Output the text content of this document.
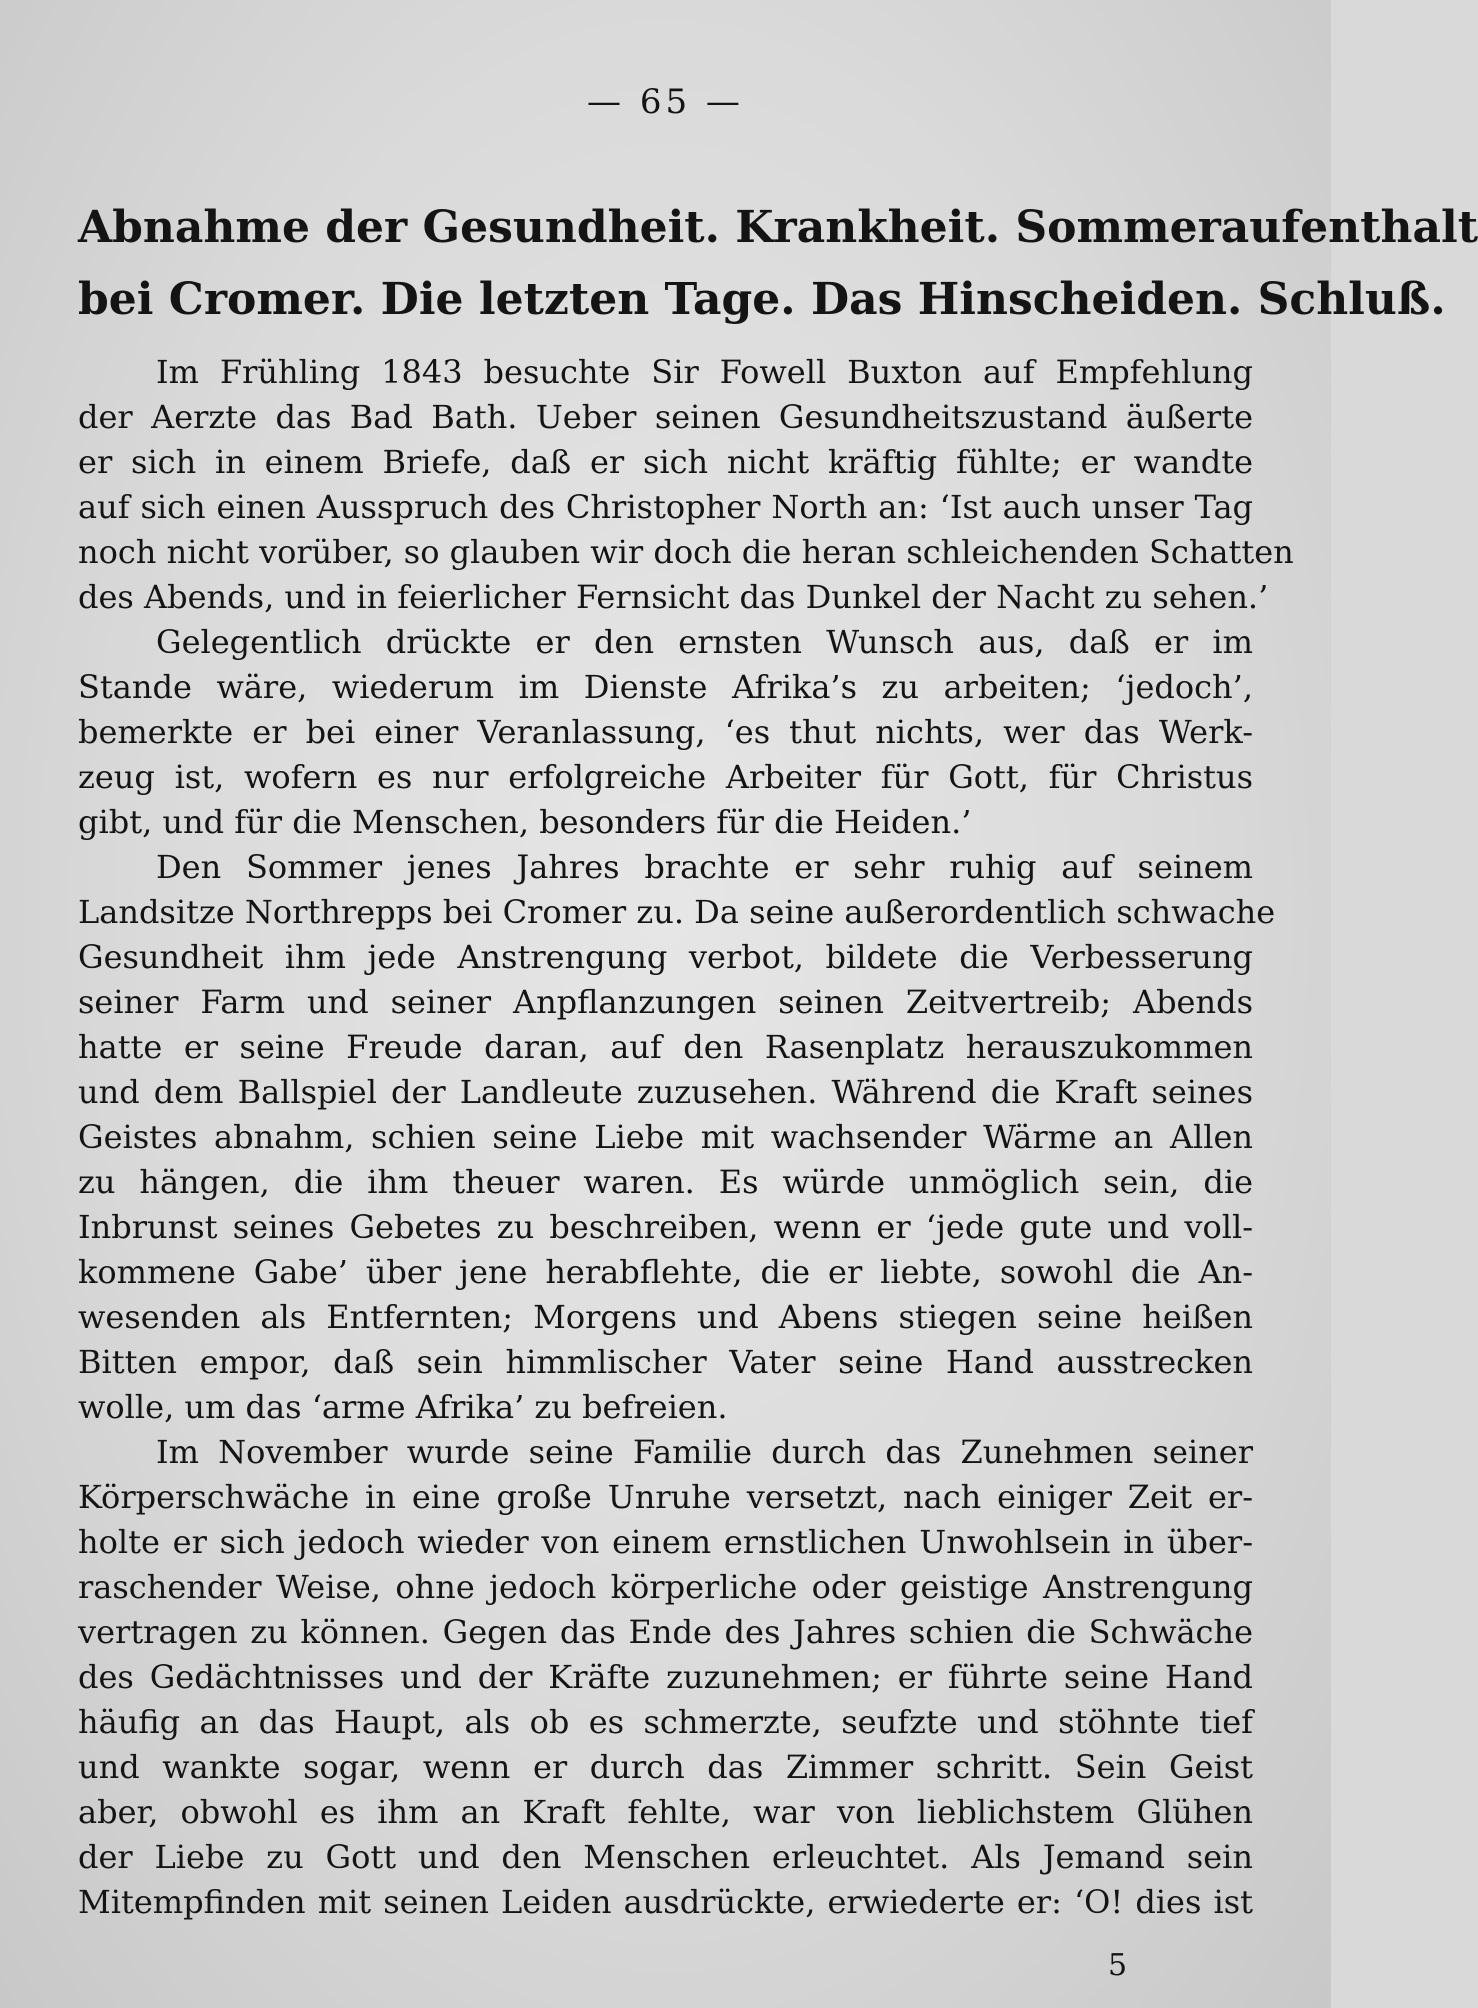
— 65 —
Abnahme der Gesundheit. Krankheit. Sommeraufenthalt
bei Cromer. Die letzten Tage. Das Hinscheiden. Schluß.
Im Frühling 1843 besuchte Sir Fowell Buxton auf Empfehlung
der Aerzte das Bad Bath. Ueber seinen Gesundheitszustand äußerte
er sich in einem Briefe, daß er sich nicht kräftig fühlte; er wandte
auf sich einen Ausspruch des Christopher North an: ‘Ist auch unser Tag
noch nicht vorüber, so glauben wir doch die heran schleichenden Schatten
des Abends, und in feierlicher Fernsicht das Dunkel der Nacht zu sehen.’
Gelegentlich drückte er den ernsten Wunsch aus, daß er im
Stande wäre, wiederum im Dienste Afrika’s zu arbeiten; ‘jedoch’,
bemerkte er bei einer Veranlassung, ‘es thut nichts, wer das Werk-
zeug ist, wofern es nur erfolgreiche Arbeiter für Gott, für Christus
gibt, und für die Menschen, besonders für die Heiden.’
Den Sommer jenes Jahres brachte er sehr ruhig auf seinem
Landsitze Northrepps bei Cromer zu. Da seine außerordentlich schwache
Gesundheit ihm jede Anstrengung verbot, bildete die Verbesserung
seiner Farm und seiner Anpflanzungen seinen Zeitvertreib; Abends
hatte er seine Freude daran, auf den Rasenplatz herauszukommen
und dem Ballspiel der Landleute zuzusehen. Während die Kraft seines
Geistes abnahm, schien seine Liebe mit wachsender Wärme an Allen
zu hängen, die ihm theuer waren. Es würde unmöglich sein, die
Inbrunst seines Gebetes zu beschreiben, wenn er ‘jede gute und voll-
kommene Gabe’ über jene herabflehte, die er liebte, sowohl die An-
wesenden als Entfernten; Morgens und Abens stiegen seine heißen
Bitten empor, daß sein himmlischer Vater seine Hand ausstrecken
wolle, um das ‘arme Afrika’ zu befreien.
Im November wurde seine Familie durch das Zunehmen seiner
Körperschwäche in eine große Unruhe versetzt, nach einiger Zeit er-
holte er sich jedoch wieder von einem ernstlichen Unwohlsein in über-
raschender Weise, ohne jedoch körperliche oder geistige Anstrengung
vertragen zu können. Gegen das Ende des Jahres schien die Schwäche
des Gedächtnisses und der Kräfte zuzunehmen; er führte seine Hand
häufig an das Haupt, als ob es schmerzte, seufzte und stöhnte tief
und wankte sogar, wenn er durch das Zimmer schritt. Sein Geist
aber, obwohl es ihm an Kraft fehlte, war von lieblichstem Glühen
der Liebe zu Gott und den Menschen erleuchtet. Als Jemand sein
Mitempfinden mit seinen Leiden ausdrückte, erwiederte er: ‘O! dies ist
5
